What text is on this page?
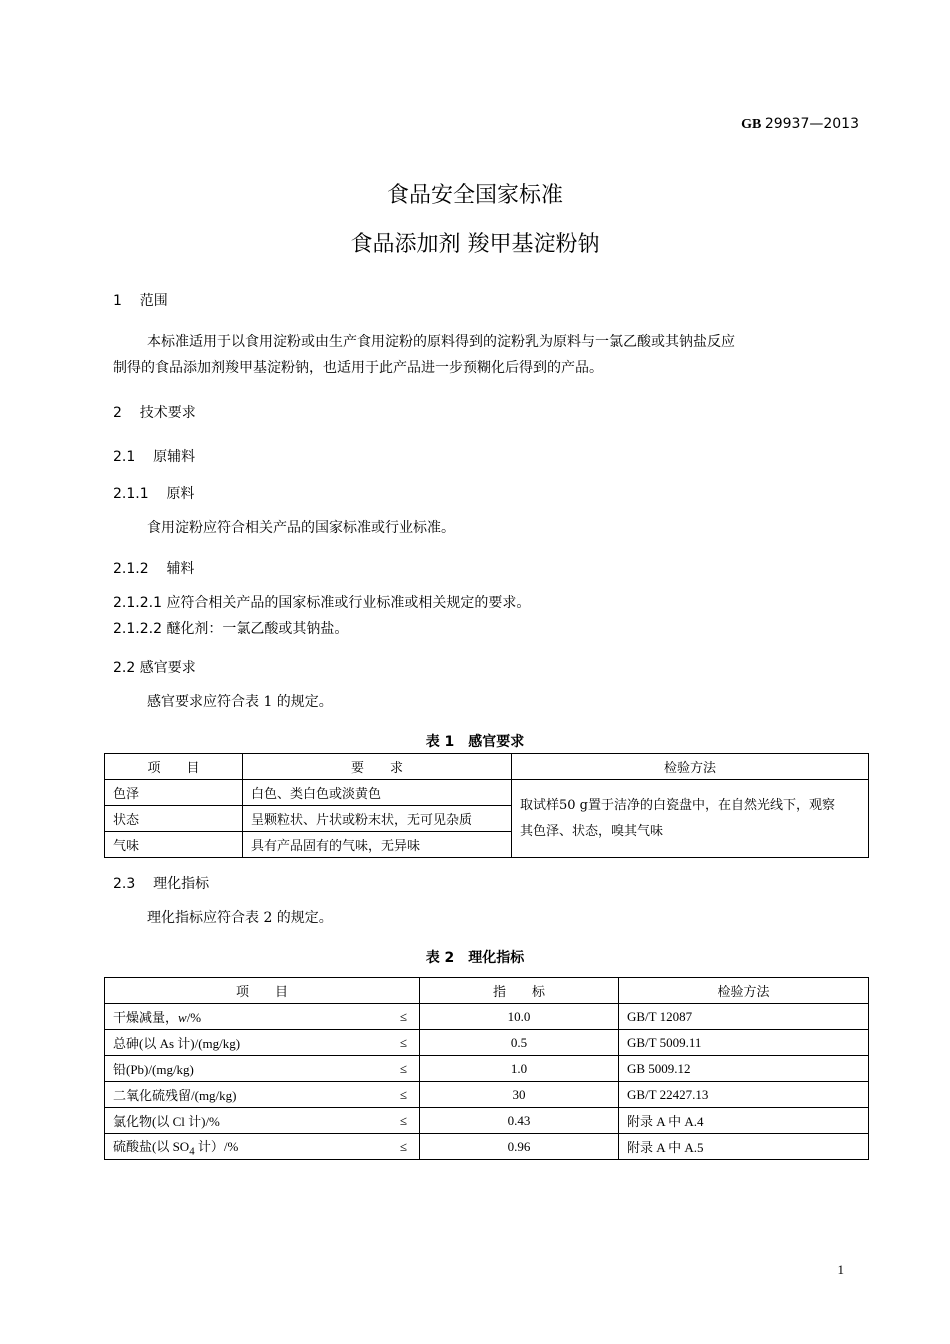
GB 29937—2013
食品安全国家标准
食品添加剂 羧甲基淀粉钠
1 范围
本标准适用于以食用淀粉或由生产食用淀粉的原料得到的淀粉乳为原料与一氯乙酸或其钠盐反应
制得的食品添加剂羧甲基淀粉钠，也适用于此产品进一步预糊化后得到的产品。
2 技术要求
2.1 原辅料
2.1.1 原料
食用淀粉应符合相关产品的国家标准或行业标准。
2.1.2 辅料
2.1.2.1 应符合相关产品的国家标准或行业标准或相关规定的要求。
2.1.2.2 醚化剂：一氯乙酸或其钠盐。
2.2 感官要求
感官要求应符合表 1 的规定。
表 1　感官要求
项　　目	要　　求	检验方法
色泽	白色、类白色或淡黄色	取试样50 g置于洁净的白瓷盘中，在自然光线下，观察
其色泽、状态，嗅其气味

状态	呈颗粒状、片状或粉末状，无可见杂质	
气味	具有产品固有的气味，无异味	
2.3 理化指标
理化指标应符合表 2 的规定。
表 2　理化指标
项　　目	指　　标	检验方法
干燥减量，w/% ≤	10.0	GB/T 12087
总砷(以 As 计)/(mg/kg) ≤	0.5	GB/T 5009.11
铅(Pb)/(mg/kg) ≤	1.0	GB 5009.12
二氧化硫残留/(mg/kg) ≤	30	GB/T 22427.13
氯化物(以 Cl 计)/% ≤	0.43	附录 A 中 A.4
硫酸盐(以 $SO_4$ 计）/% ≤	0.96	附录 A 中 A.5
1
